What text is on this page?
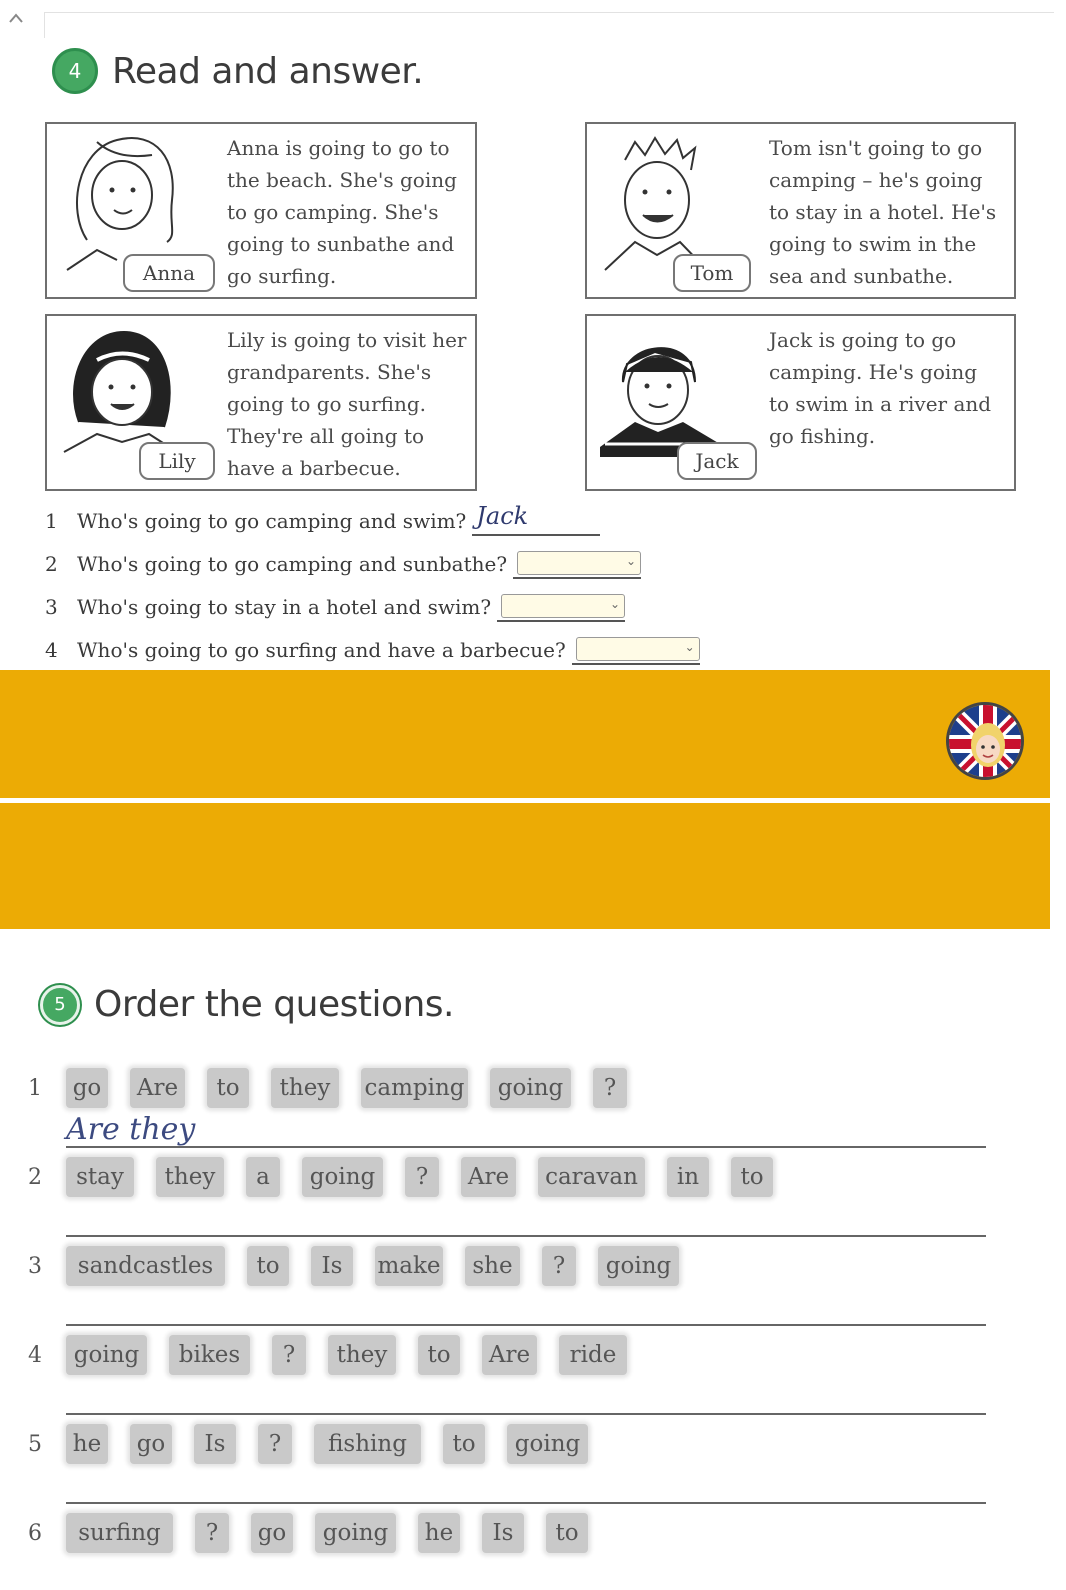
4 Read and answer.
Anna
Anna is going to go to
the beach. She's going
to go camping. She's
going to sunbathe and
go surfing.	Tom
Tom isn't going to go
camping – he's going
to stay in a hotel. He's
going to swim in the
sea and sunbathe.
Lily
Lily is going to visit her
grandparents. She's
going to go surfing.
They're all going to
have a barbecue.	Jack
Jack is going to go
camping. He's going
to swim in a river and
go fishing.
1 Who's going to go camping and swim? Jack
2 Who's going to go camping and sunbathe?	⌄
3 Who's going to stay in a hotel and swim?	⌄
4 Who's going to go surfing and have a barbecue?	⌄
5 Order the questions.
1 go Are	to	they	camping	going	?
Are they
2	stay	they	a	going	?	Are	caravan	in	to
3	sandcastles	to	Is	make	she	?	going
4	going	bikes	?	they	to	Are	ride
5 he go	Is	?	fishing	to	going
6	surfing	?	go	going	he	Is	to
